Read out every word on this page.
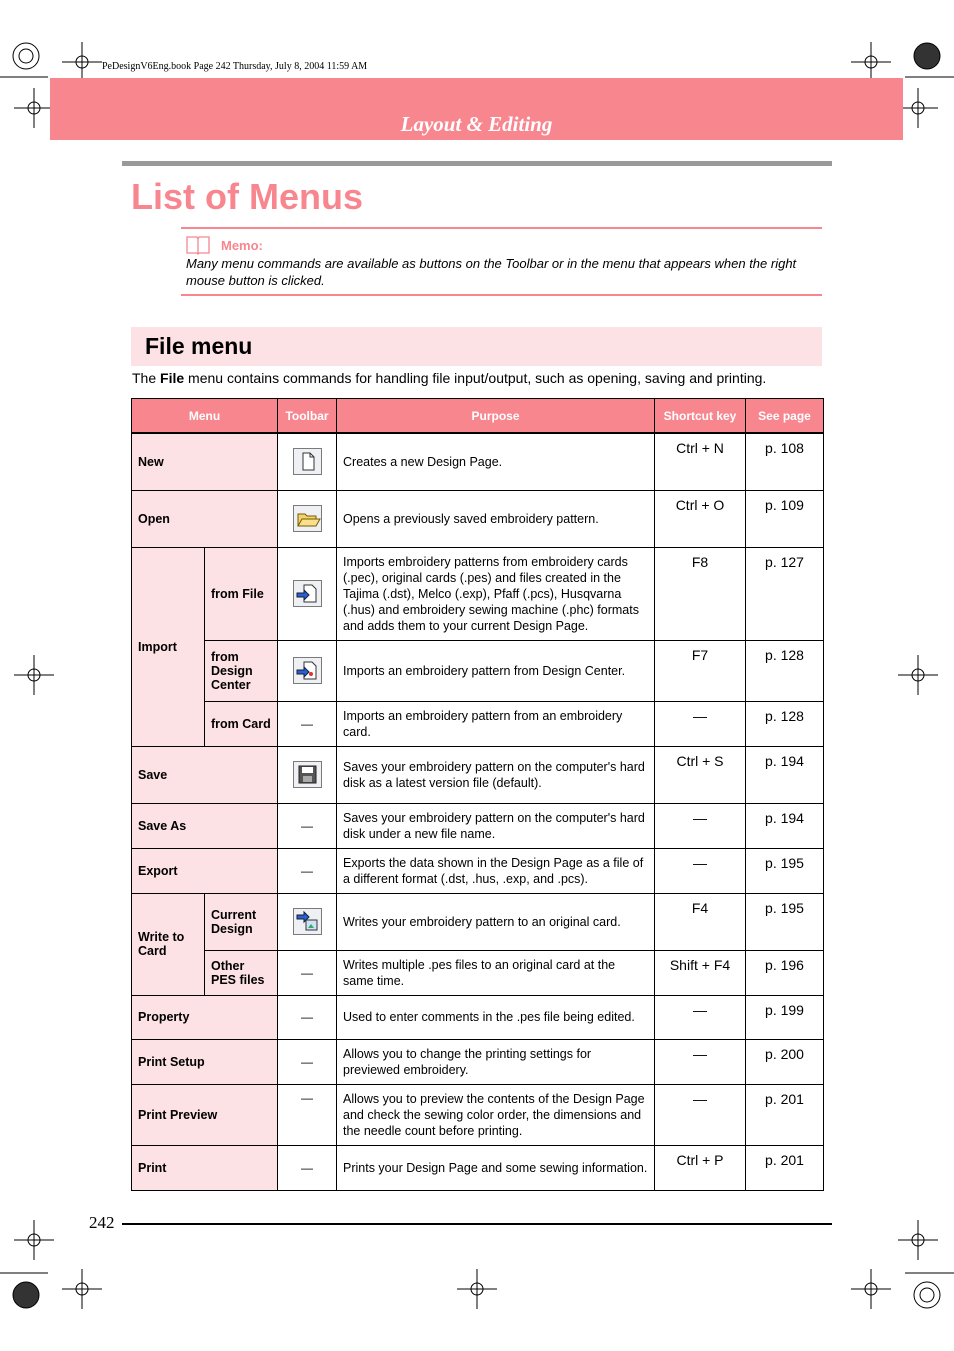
PeDesignV6Eng.book Page 242 Thursday, July 8, 2004 11:59 AM
Layout & Editing
List of Menus
Memo:
Many menu commands are available as buttons on the Toolbar or in the menu that appears when the right mouse button is clicked.
File menu
The File menu contains commands for handling file input/output, such as opening, saving and printing.
Menu		Toolbar	Purpose	Shortcut key	See page
New			Creates a new Design Page.	Ctrl + N	p. 108
Open			Opens a previously saved embroidery pattern.	Ctrl + O	p. 109
Import	from File		Imports embroidery patterns from embroidery cards (.pec), original cards (.pes) and files created in the Tajima (.dst), Melco (.exp), Pfaff (.pcs), Husqvarna (.hus) and embroidery sewing machine (.phc) formats and adds them to your current Design Page.	F8	p. 127
	from Design Center		Imports an embroidery pattern from Design Center.	F7	p. 128
	from Card	—	Imports an embroidery pattern from an embroidery card.	—	p. 128
Save			Saves your embroidery pattern on the computer's hard disk as a latest version file (default).	Ctrl + S	p. 194
Save As		—	Saves your embroidery pattern on the computer's hard disk under a new file name.	—	p. 194
Export		—	Exports the data shown in the Design Page as a file of a different format (.dst, .hus, .exp, and .pcs).	—	p. 195
Write to Card	Current Design		Writes your embroidery pattern to an original card.	F4	p. 195
	Other PES files	—	Writes multiple .pes files to an original card at the same time.	Shift + F4	p. 196
Property		—	Used to enter comments in the .pes file being edited.	—	p. 199
Print Setup		—	Allows you to change the printing settings for previewed embroidery.	—	p. 200
Print Preview		—	Allows you to preview the contents of the Design Page and check the sewing color order, the dimensions and the needle count before printing.	—	p. 201
Print		—	Prints your Design Page and some sewing information.	Ctrl + P	p. 201
242
